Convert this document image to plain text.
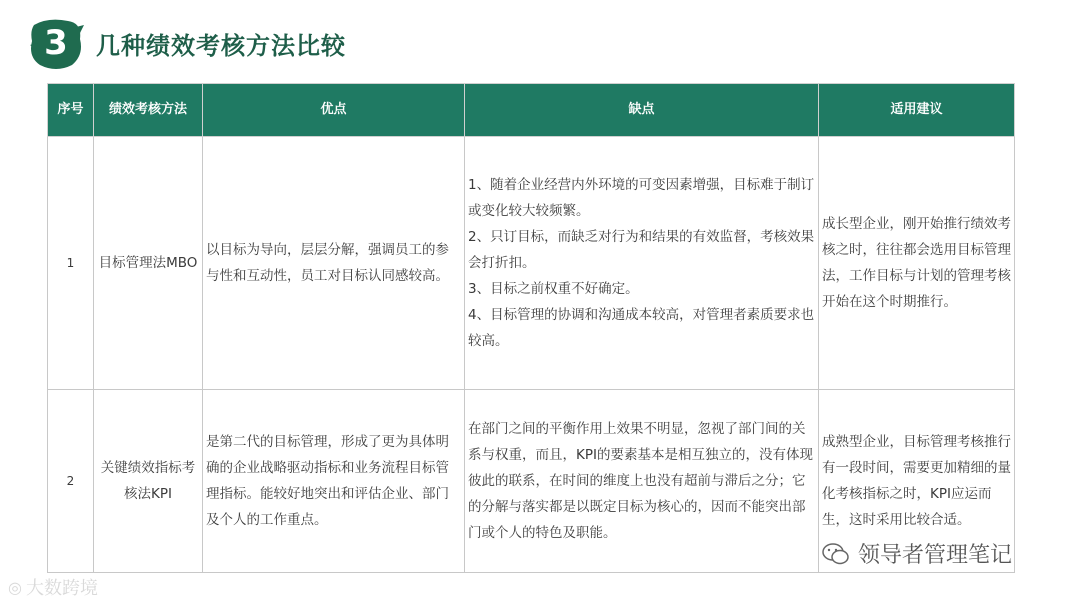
3	几种绩效考核方法比较
序号	绩效考核方法	优点	缺点	适用建议
1	目标管理法MBO	以目标为导向，层层分解，强调员工的参与性和互动性，员工对目标认同感较高。	1、随着企业经营内外环境的可变因素增强，目标难于制订或变化较大较频繁。
2、只订目标，而缺乏对行为和结果的有效监督，考核效果会打折扣。
3、目标之前权重不好确定。
4、目标管理的协调和沟通成本较高，对管理者素质要求也较高。	成长型企业，刚开始推行绩效考核之时，往往都会选用目标管理法，工作目标与计划的管理考核开始在这个时期推行。
2	关键绩效指标考核法KPI	是第二代的目标管理，形成了更为具体明确的企业战略驱动指标和业务流程目标管理指标。能较好地突出和评估企业、部门及个人的工作重点。	在部门之间的平衡作用上效果不明显，忽视了部门间的关系与权重，而且，KPI的要素基本是相互独立的，没有体现彼此的联系，在时间的维度上也没有超前与滞后之分；它的分解与落实都是以既定目标为核心的，因而不能突出部门或个人的特色及职能。	成熟型企业，目标管理考核推行有一段时间，需要更加精细的量化考核指标之时，KPI应运而生，这时采用比较合适。
◎ 大数跨境
领导者管理笔记
